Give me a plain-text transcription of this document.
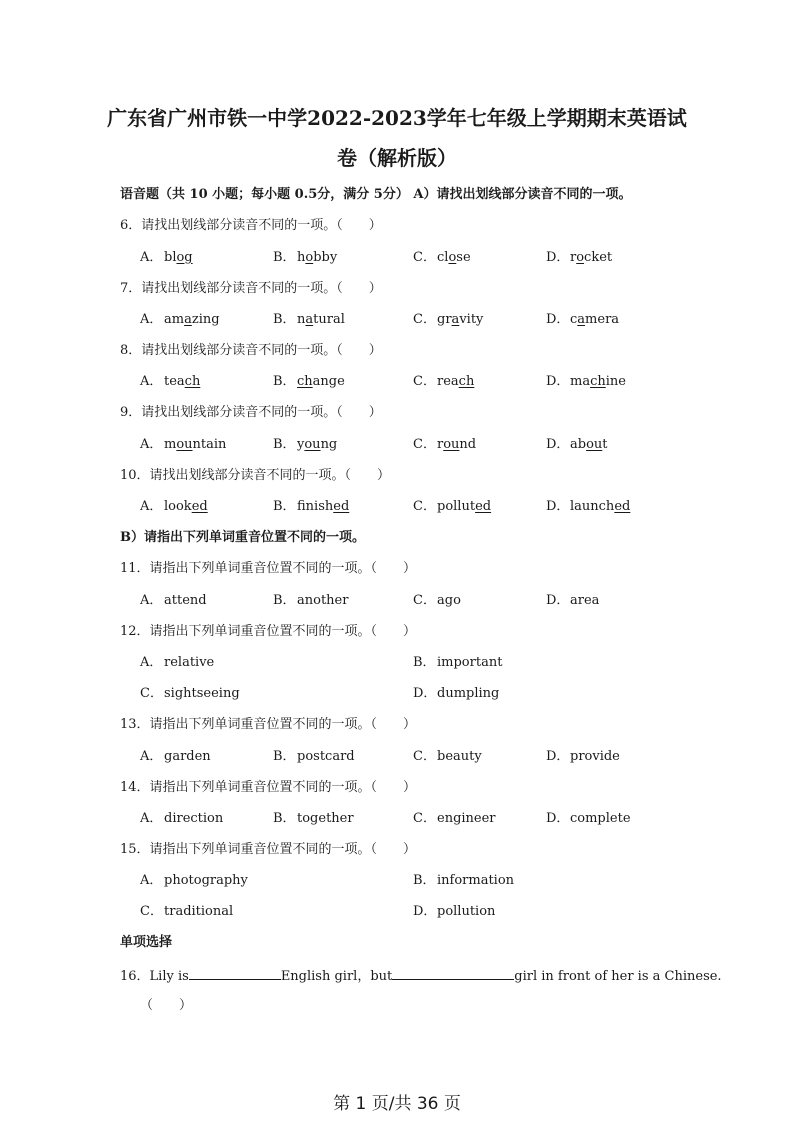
广东省广州市铁一中学2022-2023学年七年级上学期期末英语试
卷（解析版）
语音题（共 10 小题；每小题 0.5分，满分 5分） A）请找出划线部分读音不同的一项。
B）请指出下列单词重音位置不同的一项。
单项选择
16．Lily is	English girl，but	girl in front of her is a Chinese.
（　　）
第 1 页/共 36 页
6．请找出划线部分读音不同的一项。（　　）
A． blog	B．hobby	C．close	D．rocket
7．请找出划线部分读音不同的一项。（　　）
A． amazing	B．natural	C．gravity	D．camera
8．请找出划线部分读音不同的一项。（　　）
A． teach	B．change	C．reach	D．machine
9．请找出划线部分读音不同的一项。（　　）
A． mountain	B．young	C．round	D．about
10．请找出划线部分读音不同的一项。（　　）
A． looked	B．finished	C．polluted	D．launched
11．请指出下列单词重音位置不同的一项。（　　）
A． attend	B．another	C．ago	D．area
12．请指出下列单词重音位置不同的一项。（　　）
A． relative	B．important
C．sightseeing	D．dumpling
13．请指出下列单词重音位置不同的一项。（　　）
A． garden	B．postcard	C．beauty	D．provide
14．请指出下列单词重音位置不同的一项。（　　）
A． direction	B．together	C．engineer	D．complete
15．请指出下列单词重音位置不同的一项。（　　）
A． photography	B．information
C．traditional	D．pollution
